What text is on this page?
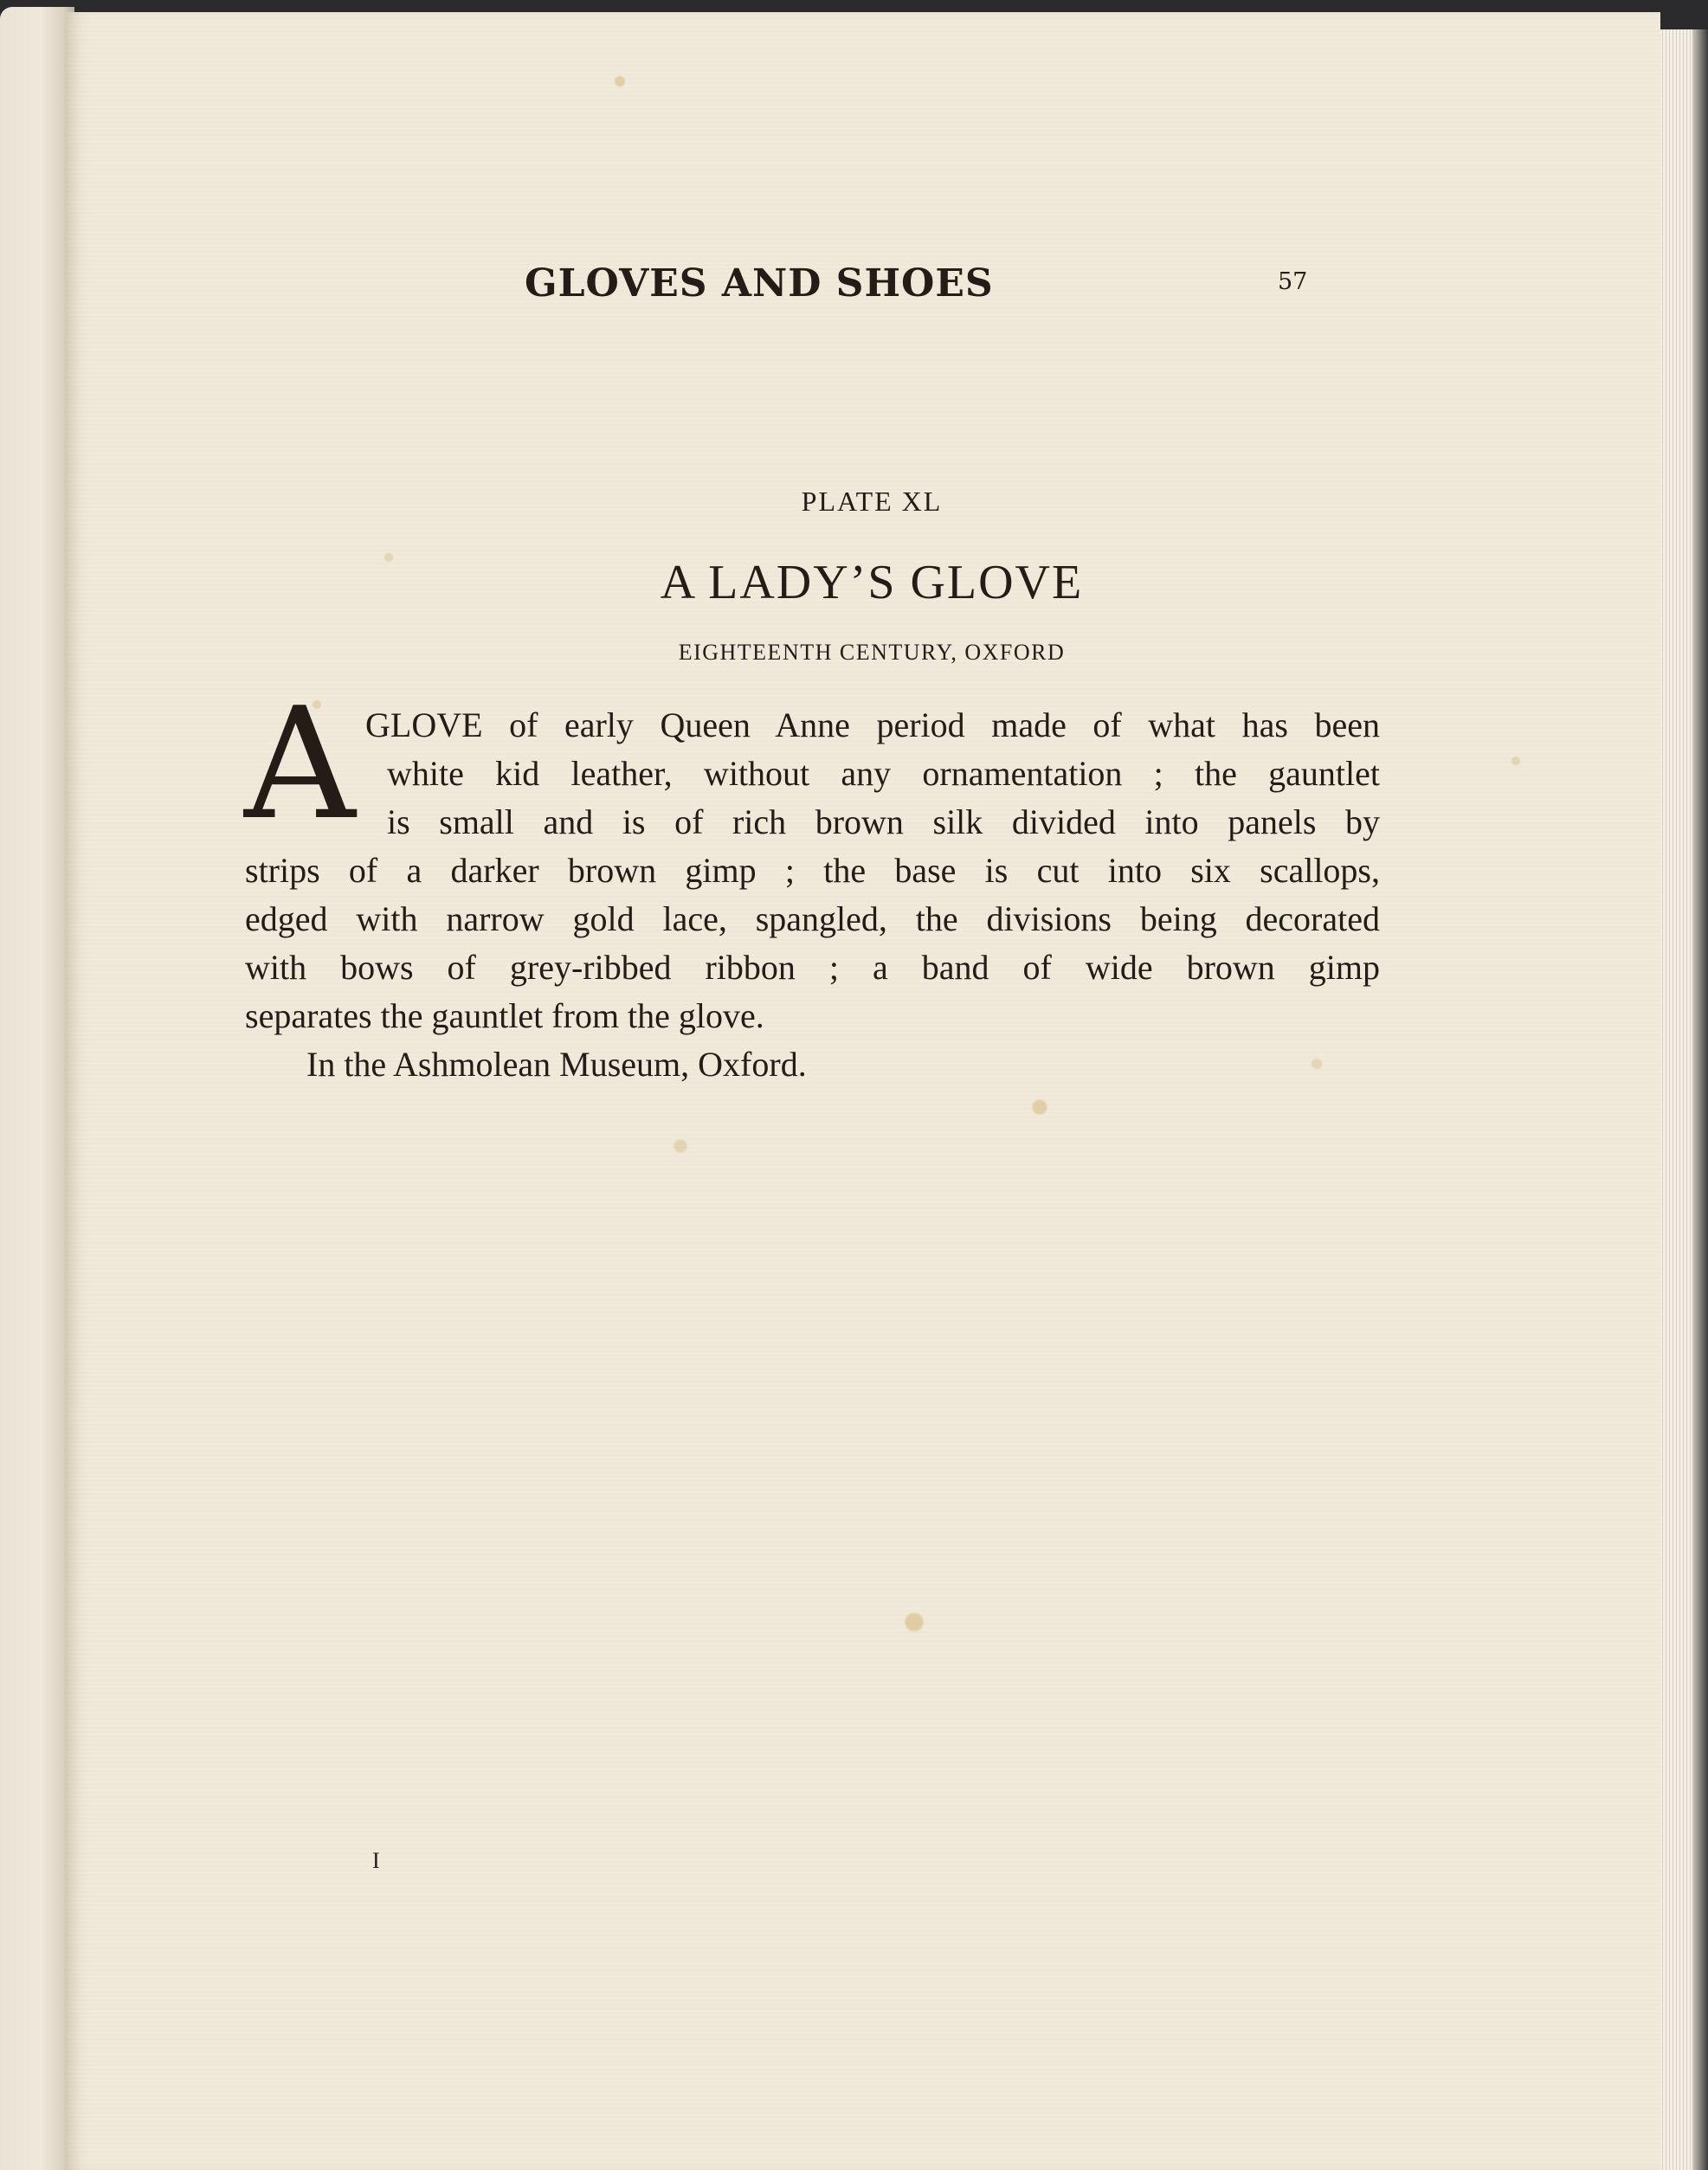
GLOVES AND SHOES	57
PLATE XL
A LADY’S GLOVE
EIGHTEENTH CENTURY, OXFORD
A GLOVE of early Queen Anne period made of what has been
white kid leather, without any ornamentation ; the gauntlet
is small and is of rich brown silk divided into panels by
strips of a darker brown gimp ; the base is cut into six scallops,
edged with narrow gold lace, spangled, the divisions being decorated
with bows of grey-ribbed ribbon ; a band of wide brown gimp
separates the gauntlet from the glove.
In the Ashmolean Museum, Oxford.
I
